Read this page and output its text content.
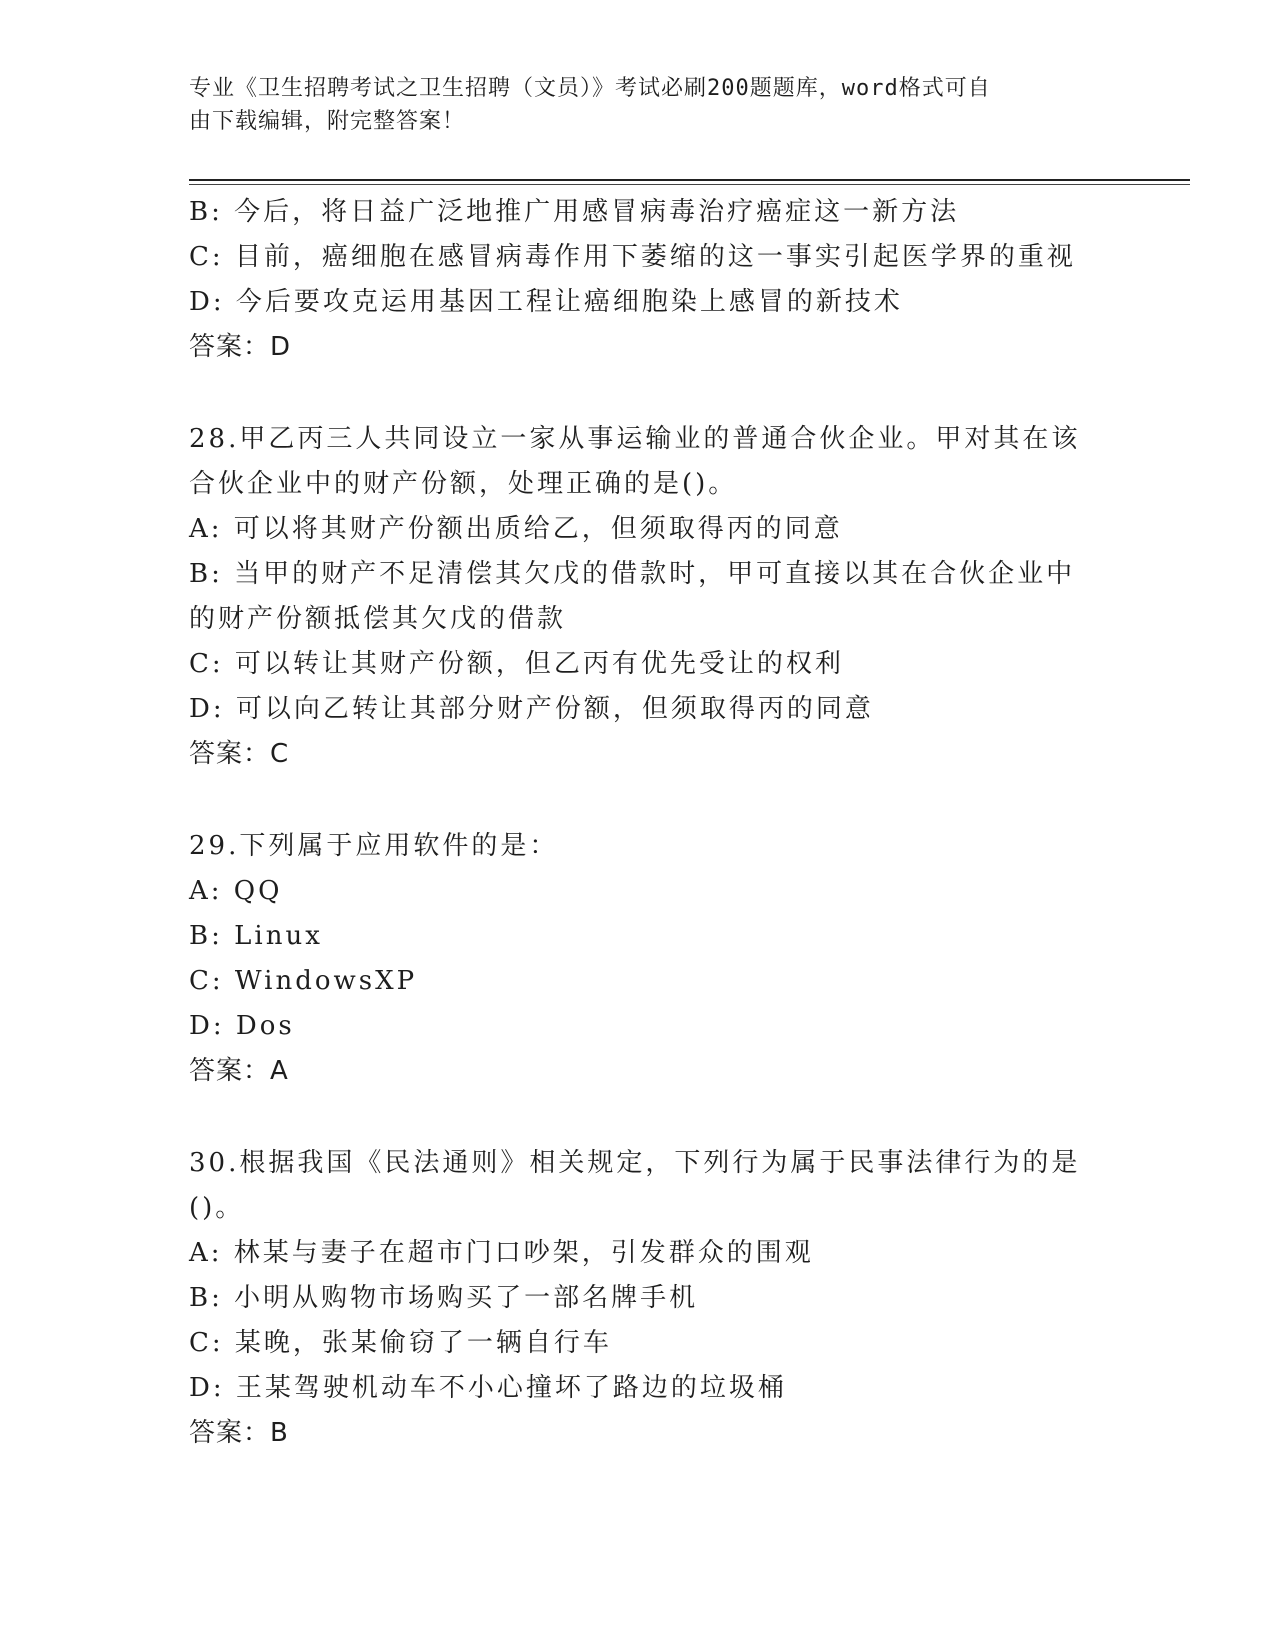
专业《卫生招聘考试之卫生招聘（文员）》考试必刷200题题库，word格式可自
由下载编辑，附完整答案！
B: 今后，将日益广泛地推广用感冒病毒治疗癌症这一新方法
C: 目前，癌细胞在感冒病毒作用下萎缩的这一事实引起医学界的重视
D: 今后要攻克运用基因工程让癌细胞染上感冒的新技术
答案：D
28.甲乙丙三人共同设立一家从事运输业的普通合伙企业。甲对其在该
合伙企业中的财产份额，处理正确的是()。
A: 可以将其财产份额出质给乙，但须取得丙的同意
B: 当甲的财产不足清偿其欠戊的借款时，甲可直接以其在合伙企业中
的财产份额抵偿其欠戊的借款
C: 可以转让其财产份额，但乙丙有优先受让的权利
D: 可以向乙转让其部分财产份额，但须取得丙的同意
答案：C
29.下列属于应用软件的是：
A: QQ
B: Linux
C: WindowsXP
D: Dos
答案：A
30.根据我国《民法通则》相关规定，下列行为属于民事法律行为的是
()。
A: 林某与妻子在超市门口吵架，引发群众的围观
B: 小明从购物市场购买了一部名牌手机
C: 某晚，张某偷窃了一辆自行车
D: 王某驾驶机动车不小心撞坏了路边的垃圾桶
答案：B
